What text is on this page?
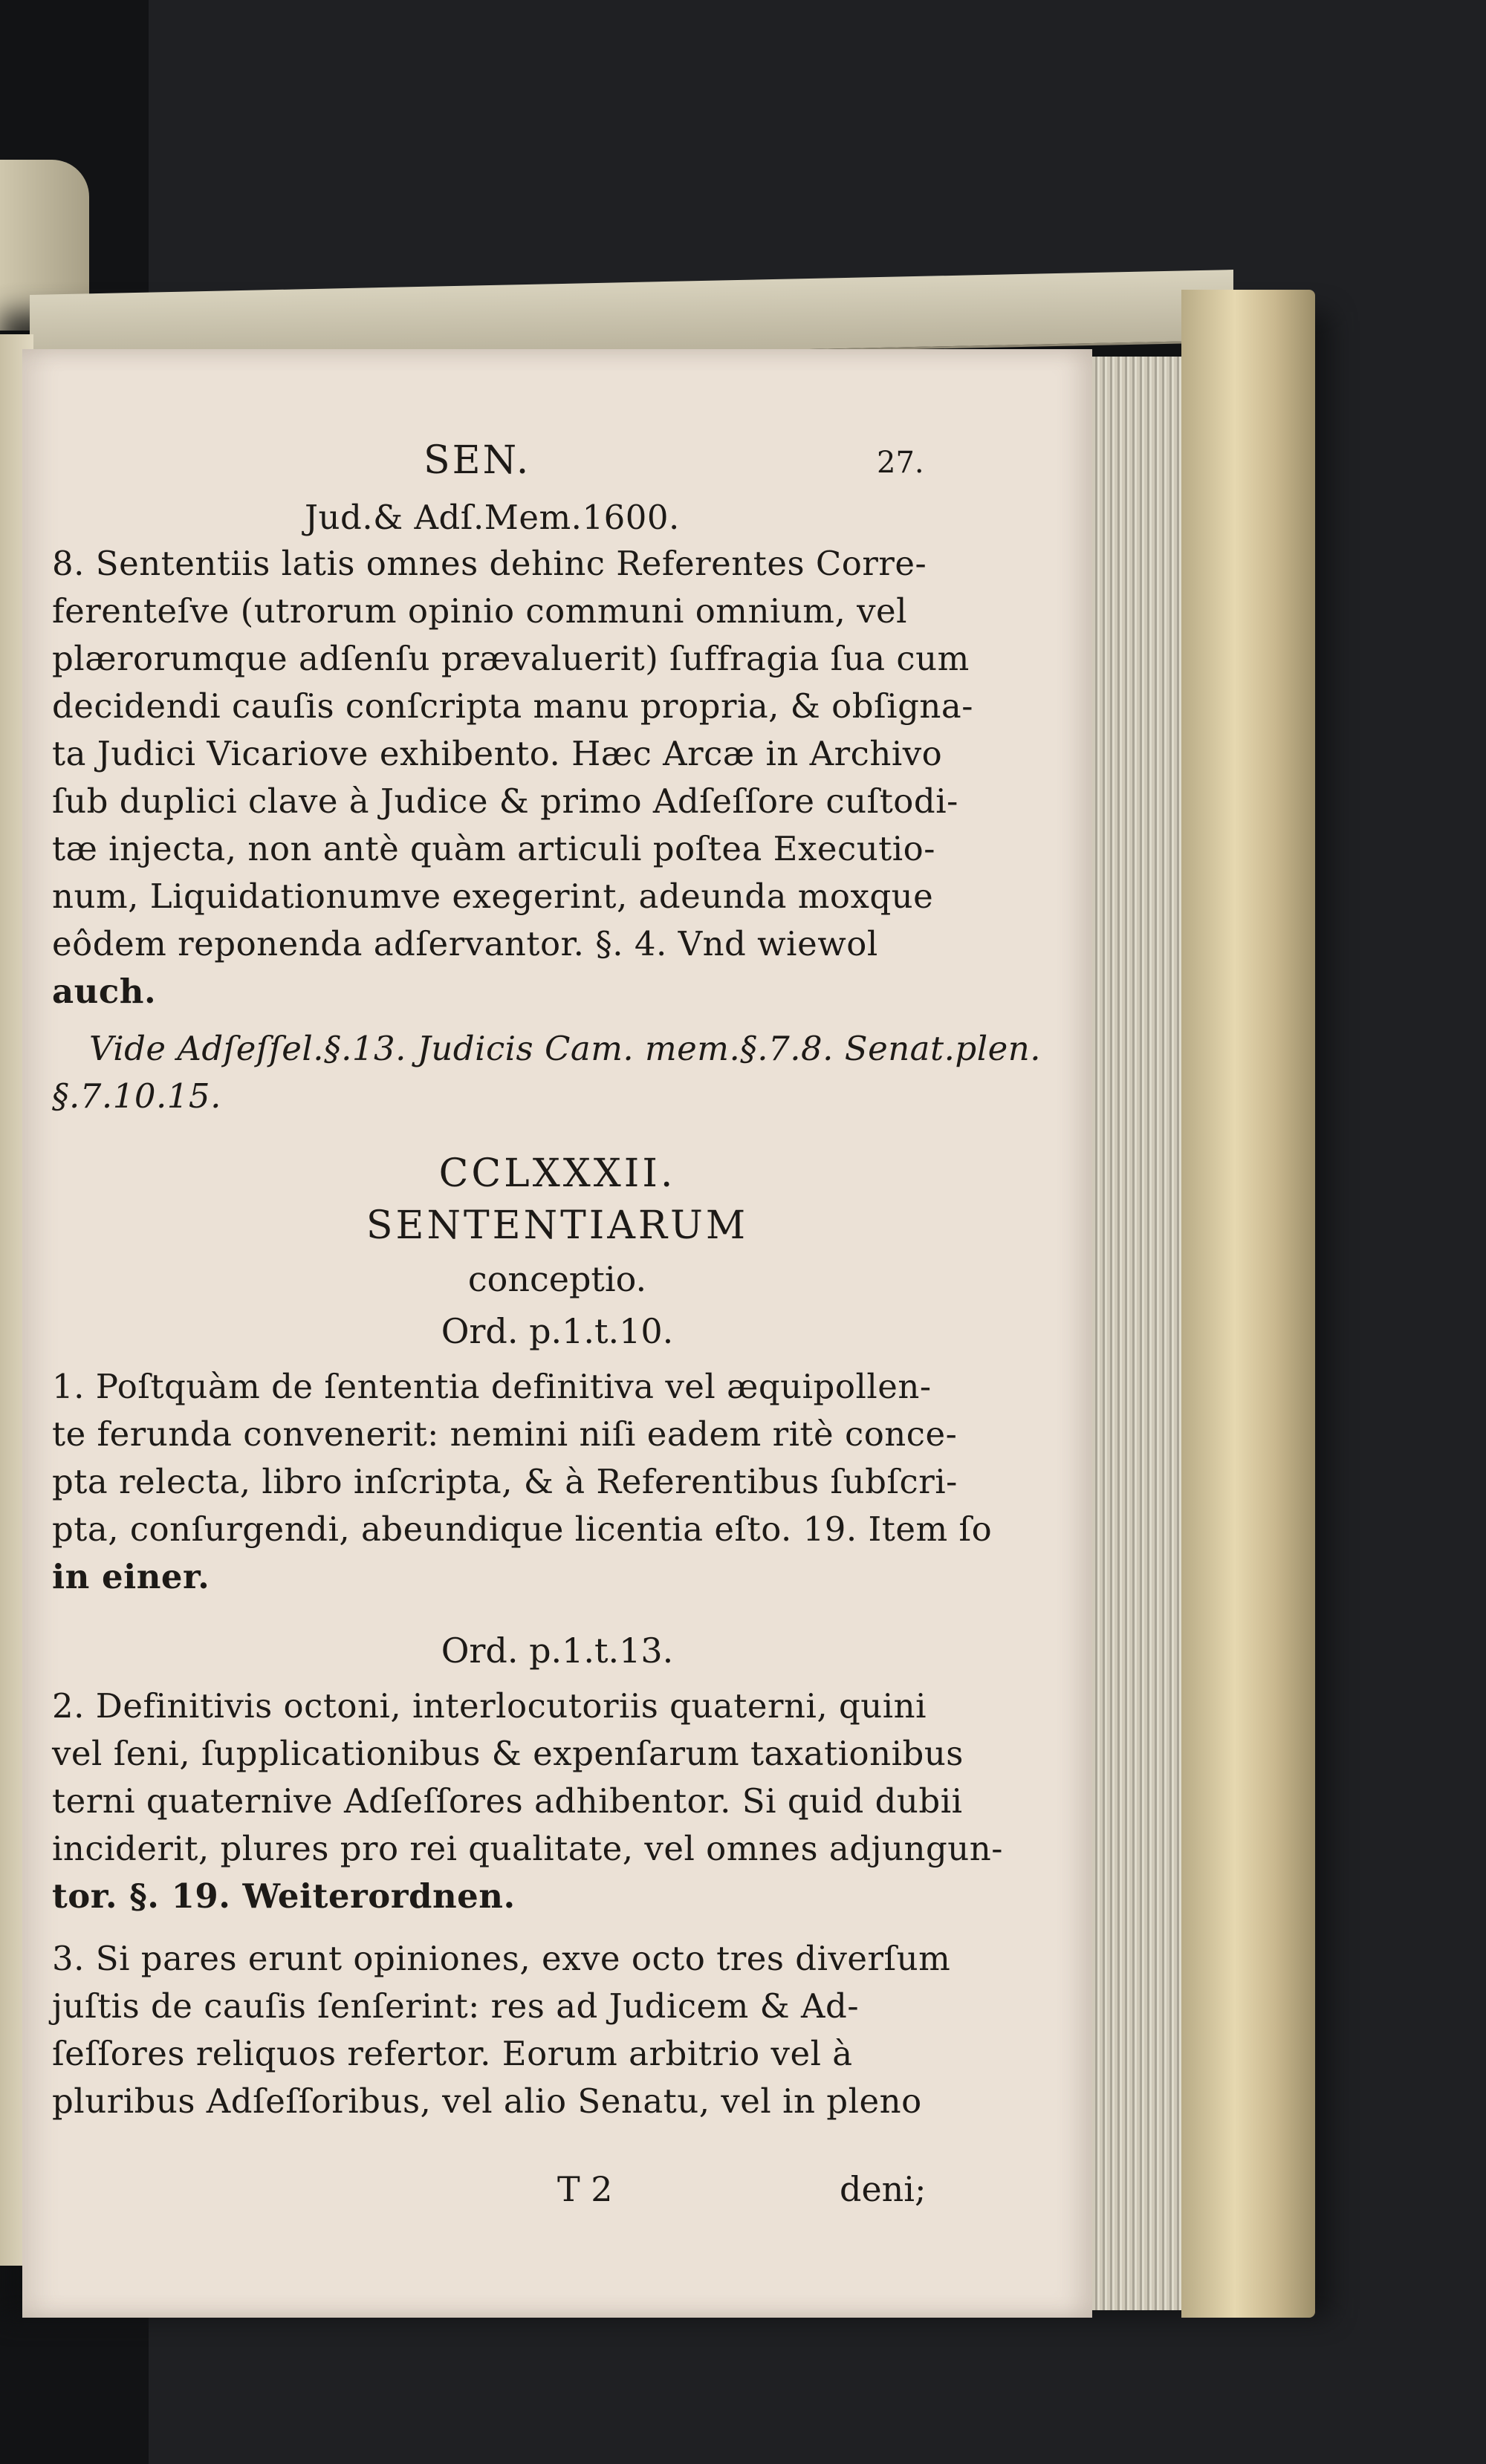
SEN.	27.
Jud.& Adſ.Mem.1600.
8. Sententiis latis omnes dehinc Referentes Corre-
ferenteſve (utrorum opinio communi omnium, vel
plærorumque adſenſu prævaluerit) ſuffragia ſua cum
decidendi cauſis conſcripta manu propria, & obſigna-
ta Judici Vicariove exhibento. Hæc Arcæ in Archivo
ſub duplici clave à Judice & primo Adſeſſore cuſtodi-
tæ injecta, non antè quàm articuli poſtea Executio-
num, Liquidationumve exegerint, adeunda moxque
eôdem reponenda adſervantor. §. 4. Vnd wiewol
auch.
Vide Adſeſſel.§.13. Judicis Cam. mem.§.7.8. Senat.plen.
§.7.10.15.
CCLXXXII.
SENTENTIARUM
conceptio.
Ord. p.1.t.10.
1. Poſtquàm de ſententia definitiva vel æquipollen-
te ferunda convenerit: nemini niſi eadem ritè conce-
pta relecta, libro inſcripta, & à Referentibus ſubſcri-
pta, conſurgendi, abeundique licentia eſto. 19. Item ſo
in einer.
Ord. p.1.t.13.
2. Definitivis octoni, interlocutoriis quaterni, quini
vel ſeni, ſupplicationibus & expenſarum taxationibus
terni quaternive Adſeſſores adhibentor. Si quid dubii
inciderit, plures pro rei qualitate, vel omnes adjungun-
tor. §. 19. Weiterordnen.
3. Si pares erunt opiniones, exve octo tres diverſum
juſtis de cauſis ſenſerint: res ad Judicem & Ad-
ſeſſores reliquos refertor. Eorum arbitrio vel à
pluribus Adſeſſoribus, vel alio Senatu, vel in pleno
T 2	deni;
